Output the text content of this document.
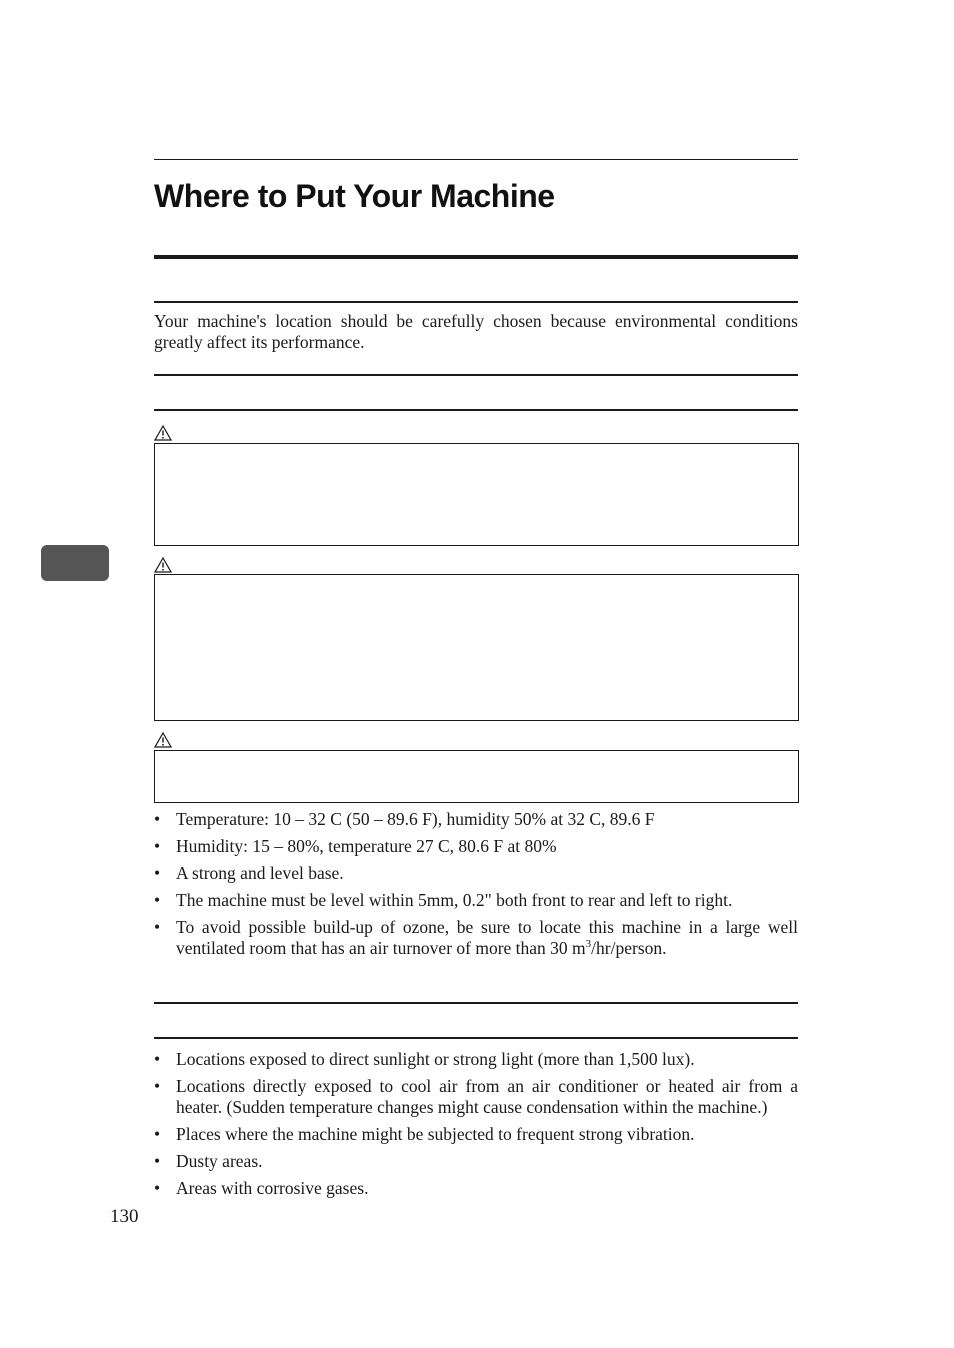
Where to Put Your Machine
Your machine's location should be carefully chosen because environmental conditions greatly affect its performance.
• Temperature: 10 – 32 C (50 – 89.6 F), humidity 50% at 32 C, 89.6 F
• Humidity: 15 – 80%, temperature 27 C, 80.6 F at 80%
• A strong and level base.
• The machine must be level within 5mm, 0.2" both front to rear and left to right.
• To avoid possible build-up of ozone, be sure to locate this machine in a large well ventilated room that has an air turnover of more than 30 $m^3/hr$/person.
• Locations exposed to direct sunlight or strong light (more than 1,500 lux).
• Locations directly exposed to cool air from an air conditioner or heated air from a heater. (Sudden temperature changes might cause condensation within the machine.)
• Places where the machine might be subjected to frequent strong vibration.
• Dusty areas.
• Areas with corrosive gases.
130
